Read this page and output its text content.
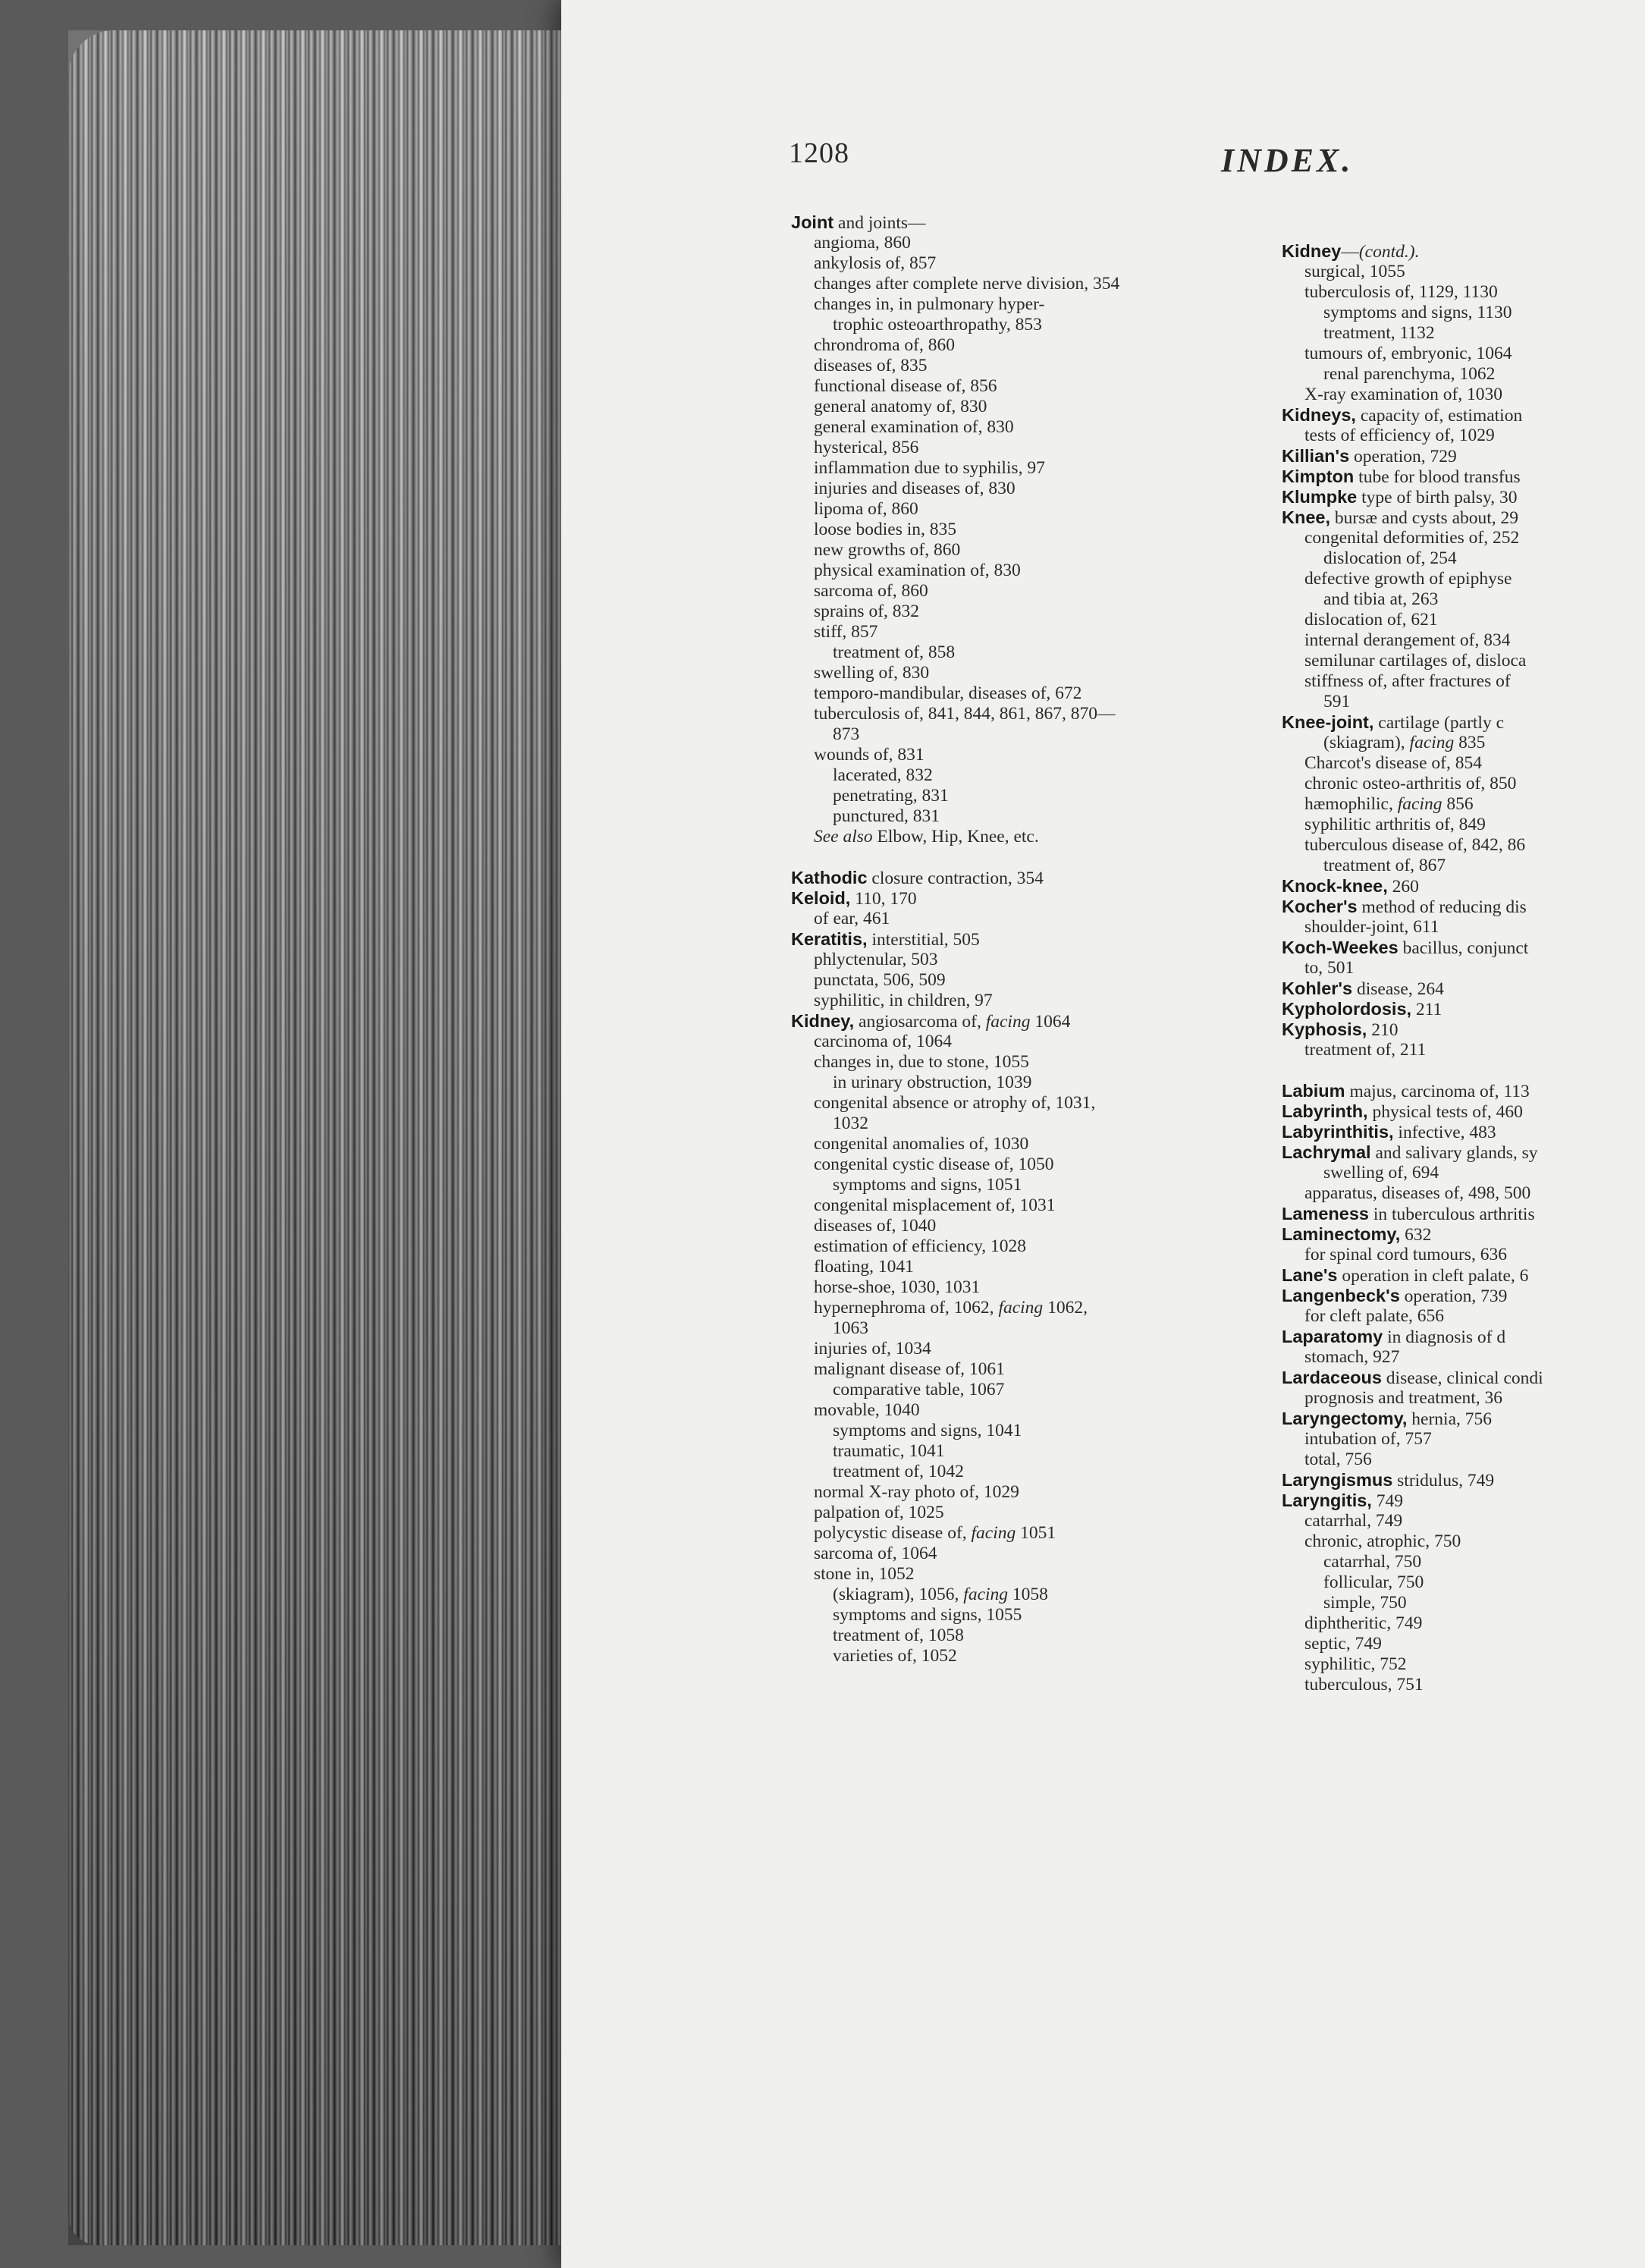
1208	INDEX.
Joint and joints—
angioma, 860
ankylosis of, 857
changes after complete nerve division, 354
changes in, in pulmonary hyper-
trophic osteoarthropathy, 853
chrondroma of, 860
diseases of, 835
functional disease of, 856
general anatomy of, 830
general examination of, 830
hysterical, 856
inflammation due to syphilis, 97
injuries and diseases of, 830
lipoma of, 860
loose bodies in, 835
new growths of, 860
physical examination of, 830
sarcoma of, 860
sprains of, 832
stiff, 857
treatment of, 858
swelling of, 830
temporo-mandibular, diseases of, 672
tuberculosis of, 841, 844, 861, 867, 870—
873
wounds of, 831
lacerated, 832
penetrating, 831
punctured, 831
See also Elbow, Hip, Knee, etc.
Kathodic closure contraction, 354
Keloid, 110, 170
of ear, 461
Keratitis, interstitial, 505
phlyctenular, 503
punctata, 506, 509
syphilitic, in children, 97
Kidney, angiosarcoma of, facing 1064
carcinoma of, 1064
changes in, due to stone, 1055
in urinary obstruction, 1039
congenital absence or atrophy of, 1031,
1032
congenital anomalies of, 1030
congenital cystic disease of, 1050
symptoms and signs, 1051
congenital misplacement of, 1031
diseases of, 1040
estimation of efficiency, 1028
floating, 1041
horse-shoe, 1030, 1031
hypernephroma of, 1062, facing 1062,
1063
injuries of, 1034
malignant disease of, 1061
comparative table, 1067
movable, 1040
symptoms and signs, 1041
traumatic, 1041
treatment of, 1042
normal X-ray photo of, 1029
palpation of, 1025
polycystic disease of, facing 1051
sarcoma of, 1064
stone in, 1052
(skiagram), 1056, facing 1058
symptoms and signs, 1055
treatment of, 1058
varieties of, 1052
Kidney—(contd.).
surgical, 1055
tuberculosis of, 1129, 1130
symptoms and signs, 1130
treatment, 1132
tumours of, embryonic, 1064
renal parenchyma, 1062
X-ray examination of, 1030
Kidneys, capacity of, estimation
tests of efficiency of, 1029
Killian's operation, 729
Kimpton tube for blood transfus
Klumpke type of birth palsy, 30
Knee, bursæ and cysts about, 29
congenital deformities of, 252
dislocation of, 254
defective growth of epiphyse
and tibia at, 263
dislocation of, 621
internal derangement of, 834
semilunar cartilages of, disloca
stiffness of, after fractures of
591
Knee-joint, cartilage (partly c
(skiagram), facing 835
Charcot's disease of, 854
chronic osteo-arthritis of, 850
hæmophilic, facing 856
syphilitic arthritis of, 849
tuberculous disease of, 842, 86
treatment of, 867
Knock-knee, 260
Kocher's method of reducing dis
shoulder-joint, 611
Koch-Weekes bacillus, conjunct
to, 501
Kohler's disease, 264
Kypholordosis, 211
Kyphosis, 210
treatment of, 211
Labium majus, carcinoma of, 113
Labyrinth, physical tests of, 460
Labyrinthitis, infective, 483
Lachrymal and salivary glands, sy
swelling of, 694
apparatus, diseases of, 498, 500
Lameness in tuberculous arthritis
Laminectomy, 632
for spinal cord tumours, 636
Lane's operation in cleft palate, 6
Langenbeck's operation, 739
for cleft palate, 656
Laparatomy in diagnosis of d
stomach, 927
Lardaceous disease, clinical condi
prognosis and treatment, 36
Laryngectomy, hernia, 756
intubation of, 757
total, 756
Laryngismus stridulus, 749
Laryngitis, 749
catarrhal, 749
chronic, atrophic, 750
catarrhal, 750
follicular, 750
simple, 750
diphtheritic, 749
septic, 749
syphilitic, 752
tuberculous, 751
